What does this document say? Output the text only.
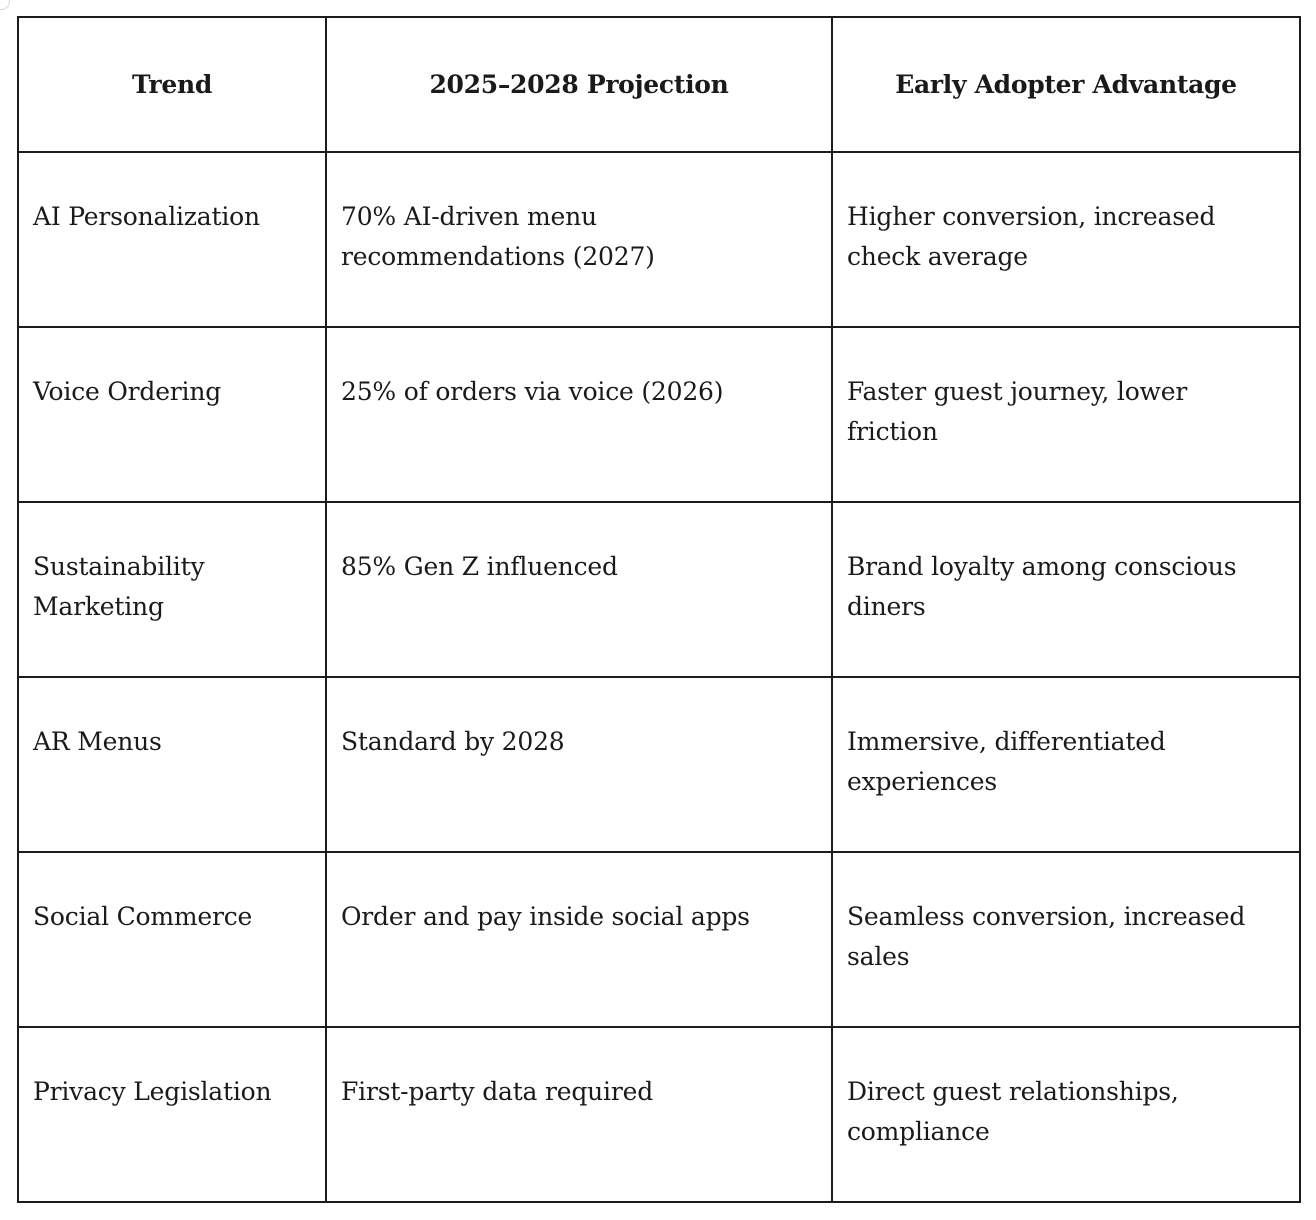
Trend	2025–2028 Projection	Early Adopter Advantage
AI Personalization	70% AI-driven menu recommendations (2027)	Higher conversion, increased check average
Voice Ordering	25% of orders via voice (2026)	Faster guest journey, lower friction
Sustainability Marketing	85% Gen Z influenced	Brand loyalty among conscious diners
AR Menus	Standard by 2028	Immersive, differentiated experiences
Social Commerce	Order and pay inside social apps	Seamless conversion, increased sales
Privacy Legislation	First-party data required	Direct guest relationships, compliance
